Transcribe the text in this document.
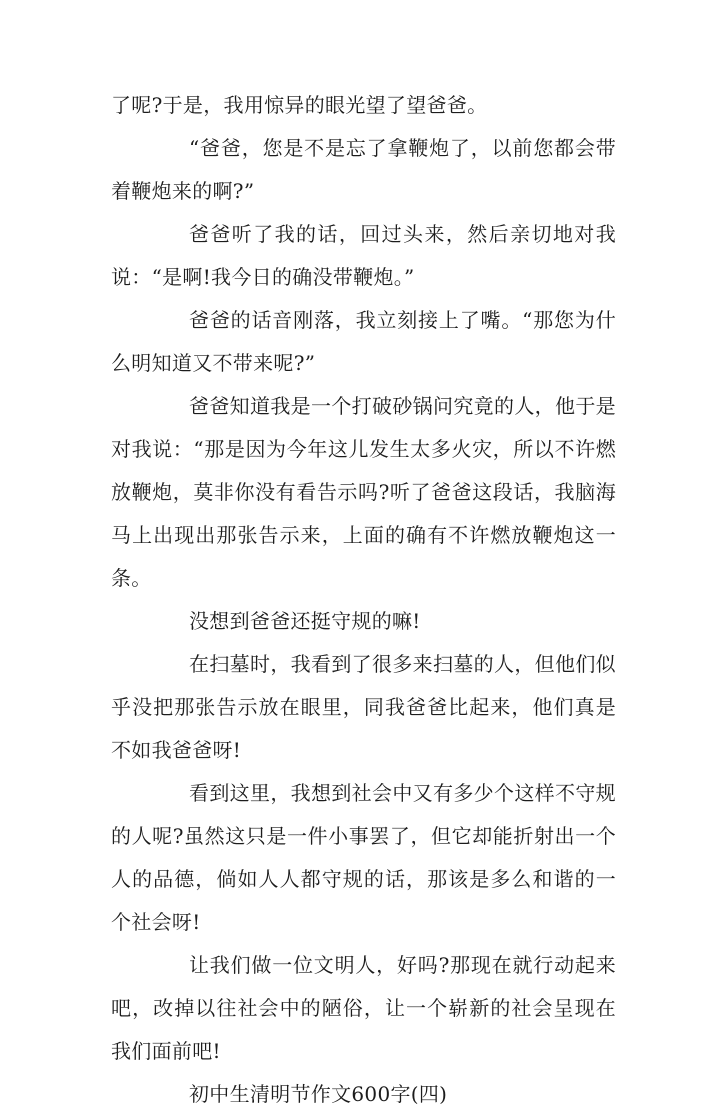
了呢?于是，我用惊异的眼光望了望爸爸。

“爸爸，您是不是忘了拿鞭炮了，以前您都会带着鞭炮来的啊?”

爸爸听了我的话，回过头来，然后亲切地对我说：“是啊!我今日的确没带鞭炮。”

爸爸的话音刚落，我立刻接上了嘴。“那您为什么明知道又不带来呢?”

爸爸知道我是一个打破砂锅问究竟的人，他于是对我说：“那是因为今年这儿发生太多火灾，所以不许燃放鞭炮，莫非你没有看告示吗?听了爸爸这段话，我脑海马上出现出那张告示来，上面的确有不许燃放鞭炮这一条。

没想到爸爸还挺守规的嘛!

在扫墓时，我看到了很多来扫墓的人，但他们似乎没把那张告示放在眼里，同我爸爸比起来，他们真是不如我爸爸呀!

看到这里，我想到社会中又有多少个这样不守规的人呢?虽然这只是一件小事罢了，但它却能折射出一个人的品德，倘如人人都守规的话，那该是多么和谐的一个社会呀!

让我们做一位文明人，好吗?那现在就行动起来吧，改掉以往社会中的陋俗，让一个崭新的社会呈现在我们面前吧!

初中生清明节作文600字(四)
